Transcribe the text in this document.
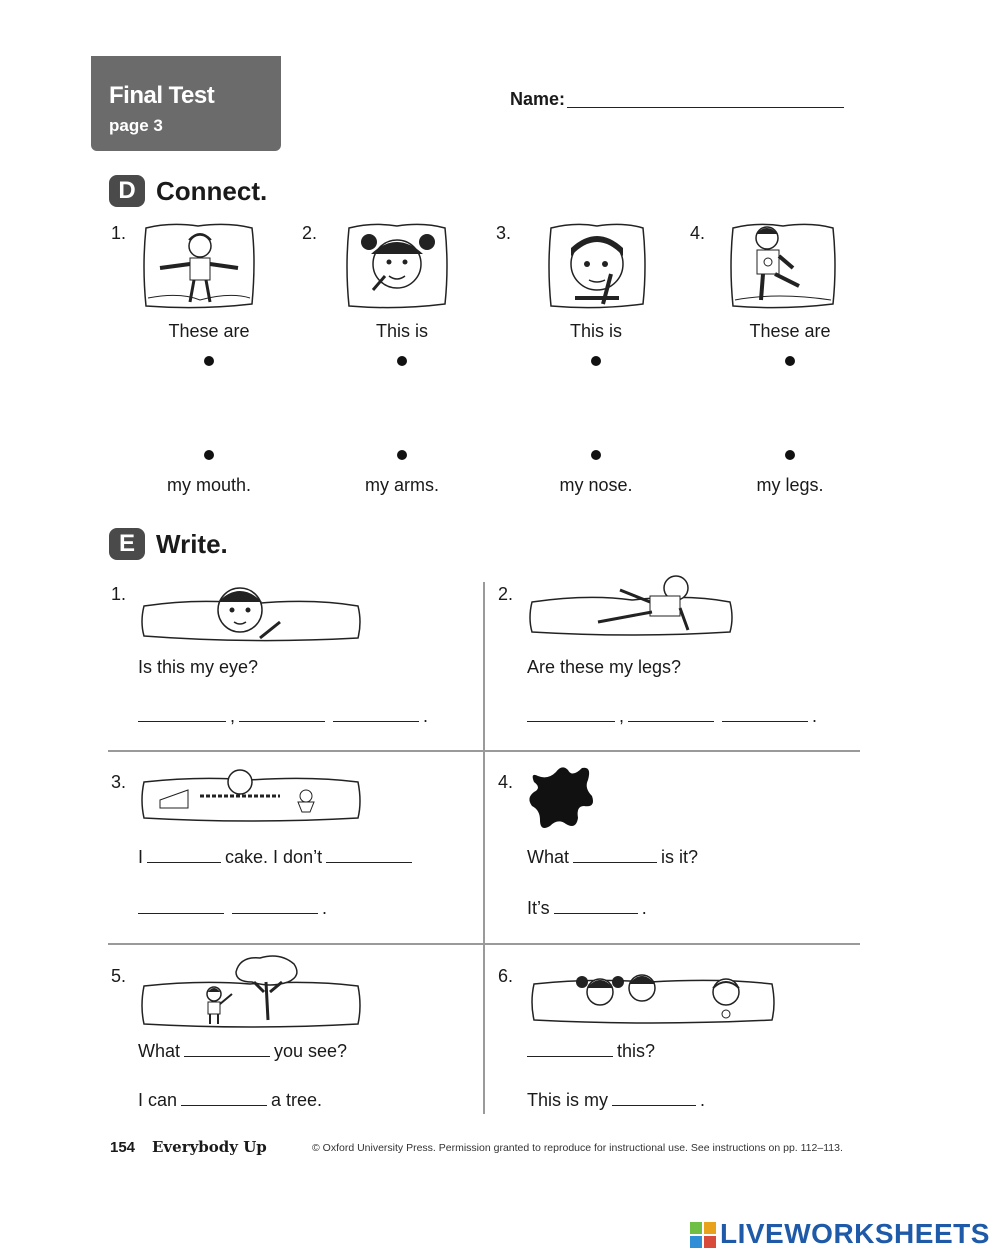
Final Test
page 3
Name:
D Connect.
1.	2.	3.	4.
These are	This is	This is	These are
my mouth.	my arms.	my nose.	my legs.
E Write.
1.
Is this my eye?
,	.
2.
Are these my legs?
,	.
3.
I	cake. I don’t
.
4.
What	is it?
It’s	.
5.
What	you see?
I can	a tree.
6.
this?
This is my	.
154 Everybody Up	© Oxford University Press. Permission granted to reproduce for instructional use. See instructions on pp. 112–113.
LIVEWORKSHEETS
